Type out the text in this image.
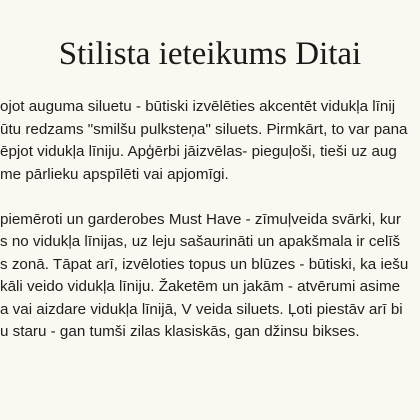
Stilista ieteikums Ditai

ojot auguma siluetu - būtiski izvēlēties akcentēt vidukļa līnij
ūtu redzams "smilšu pulksteņa" siluets. Pirmkārt, to var pana
ēpjot vidukļa līniju. Apģērbi jāizvēlas- pieguļoši, tieši uz aug
me pārlieku apspīlēti vai apjomīgi.

piemēroti un garderobes Must Have - zīmuļveida svārki, kur
s no vidukļa līnijas, uz leju sašaurināti un apakšmala ir celīš
s zonā. Tāpat arī, izvēloties topus un blūzes - būtiski, ka iešu
kāli veido vidukļa līniju. Žaketēm un jakām - atvērumi asime
a vai aizdare vidukļa līnijā, V veida siluets. Ļoti piestāv arī bi
u staru - gan tumši zilas klasiskās, gan džinsu bikses.
